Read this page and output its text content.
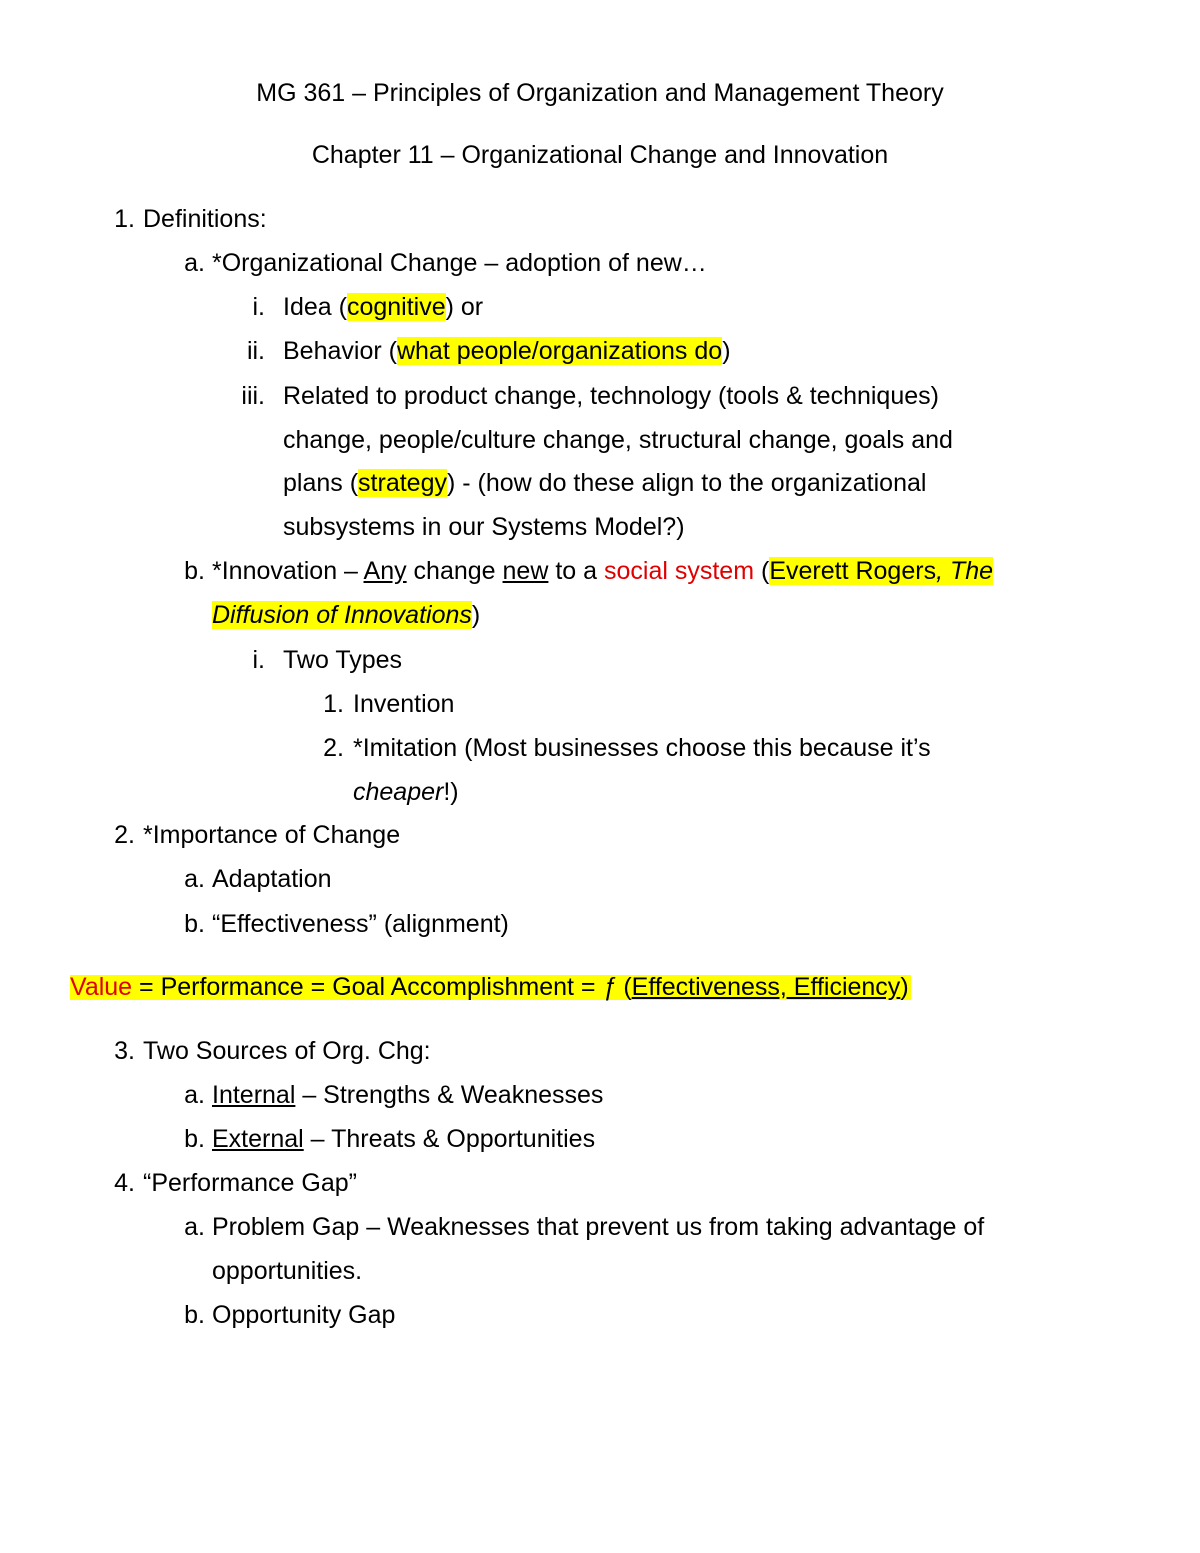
MG 361 – Principles of Organization and Management Theory
Chapter 11 – Organizational Change and Innovation
1. Definitions:
a. *Organizational Change – adoption of new…
i. Idea (cognitive) or
ii. Behavior (what people/organizations do)
iii. Related to product change, technology (tools & techniques)
change, people/culture change, structural change, goals and
plans (strategy) - (how do these align to the organizational
subsystems in our Systems Model?)
b. *Innovation – Any change new to a social system (Everett Rogers, The
Diffusion of Innovations)
i. Two Types
1. Invention
2. *Imitation (Most businesses choose this because it’s
cheaper!)
2. *Importance of Change
a. Adaptation
b. “Effectiveness” (alignment)
Value = Performance = Goal Accomplishment = ƒ (Effectiveness, Efficiency)
3. Two Sources of Org. Chg:
a. Internal – Strengths & Weaknesses
b. External – Threats & Opportunities
4. “Performance Gap”
a. Problem Gap – Weaknesses that prevent us from taking advantage of
opportunities.
b. Opportunity Gap
